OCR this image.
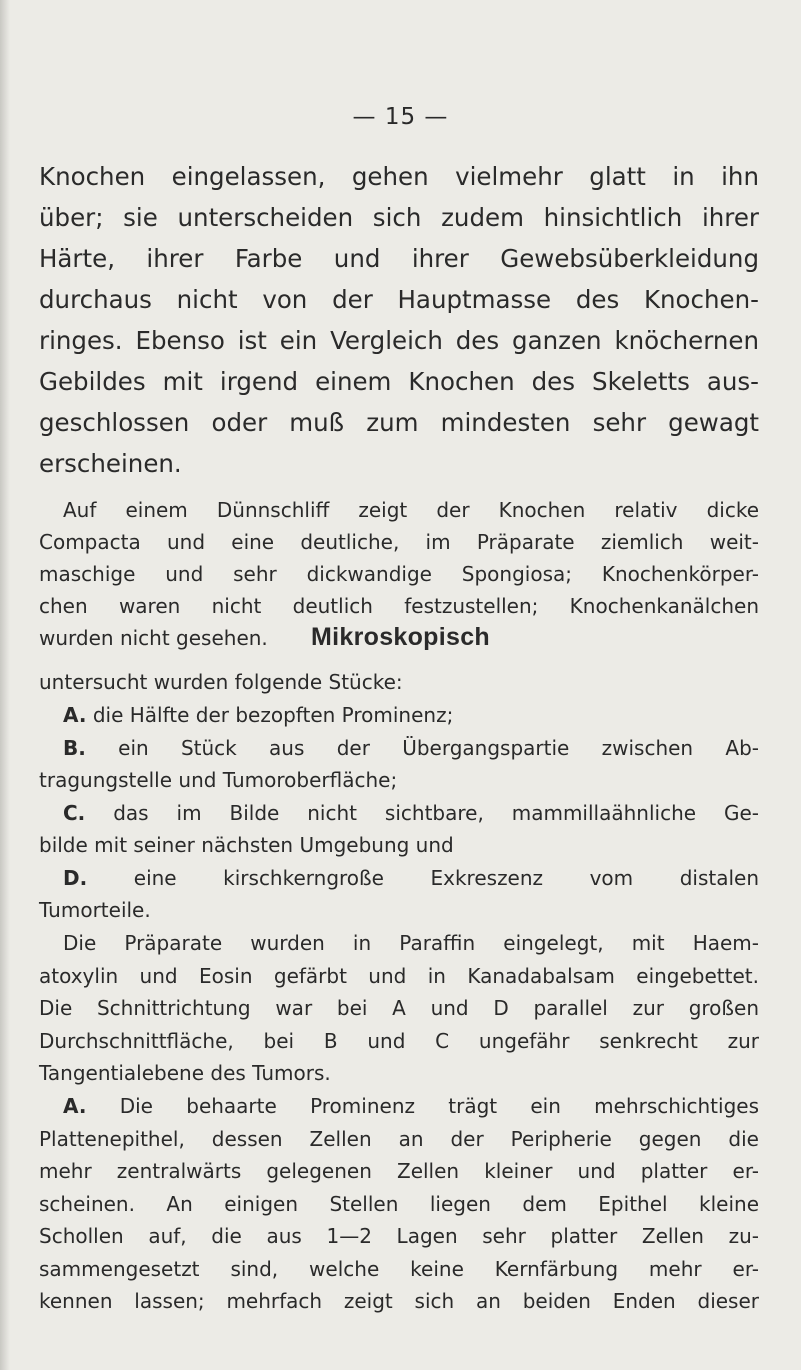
— 15 —
Knochen eingelassen, gehen vielmehr glatt in ihn
über; sie unterscheiden sich zudem hinsichtlich ihrer
Härte, ihrer Farbe und ihrer Gewebsüberkleidung
durchaus nicht von der Hauptmasse des Knochen-
ringes. Ebenso ist ein Vergleich des ganzen knöchernen
Gebildes mit irgend einem Knochen des Skeletts aus-
geschlossen oder muß zum mindesten sehr gewagt
erscheinen.
Auf einem Dünnschliff zeigt der Knochen relativ dicke
Compacta und eine deutliche, im Präparate ziemlich weit-
maschige und sehr dickwandige Spongiosa; Knochenkörper-
chen waren nicht deutlich festzustellen; Knochenkanälchen
wurden nicht gesehen.	Mikroskopisch
untersucht wurden folgende Stücke:
A. die Hälfte der bezopften Prominenz;
B. ein Stück aus der Übergangspartie zwischen Ab-
tragungstelle und Tumoroberfläche;
C. das im Bilde nicht sichtbare, mammillaähnliche Ge-
bilde mit seiner nächsten Umgebung und
D. eine kirschkerngroße Exkreszenz vom distalen
Tumorteile.
Die Präparate wurden in Paraffin eingelegt, mit Haem-
atoxylin und Eosin gefärbt und in Kanadabalsam eingebettet.
Die Schnittrichtung war bei A und D parallel zur großen
Durchschnittfläche, bei B und C ungefähr senkrecht zur
Tangentialebene des Tumors.
A. Die behaarte Prominenz trägt ein mehrschichtiges
Plattenepithel, dessen Zellen an der Peripherie gegen die
mehr zentralwärts gelegenen Zellen kleiner und platter er-
scheinen. An einigen Stellen liegen dem Epithel kleine
Schollen auf, die aus 1—2 Lagen sehr platter Zellen zu-
sammengesetzt sind, welche keine Kernfärbung mehr er-
kennen lassen; mehrfach zeigt sich an beiden Enden dieser
